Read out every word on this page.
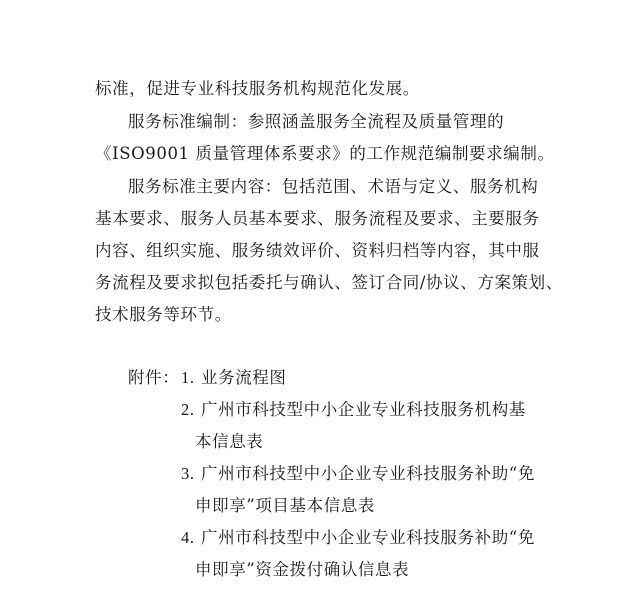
标准，促进专业科技服务机构规范化发展。
服务标准编制：参照涵盖服务全流程及质量管理的
《ISO9001 质量管理体系要求》的工作规范编制要求编制。
服务标准主要内容：包括范围、术语与定义、服务机构
基本要求、服务人员基本要求、服务流程及要求、主要服务
内容、组织实施、服务绩效评价、资料归档等内容，其中服
务流程及要求拟包括委托与确认、签订合同/协议、方案策划、
技术服务等环节。
附件： 1. 业务流程图
2. 广州市科技型中小企业专业科技服务机构基
本信息表
3. 广州市科技型中小企业专业科技服务补助“免
申即享”项目基本信息表
4. 广州市科技型中小企业专业科技服务补助“免
申即享”资金拨付确认信息表
